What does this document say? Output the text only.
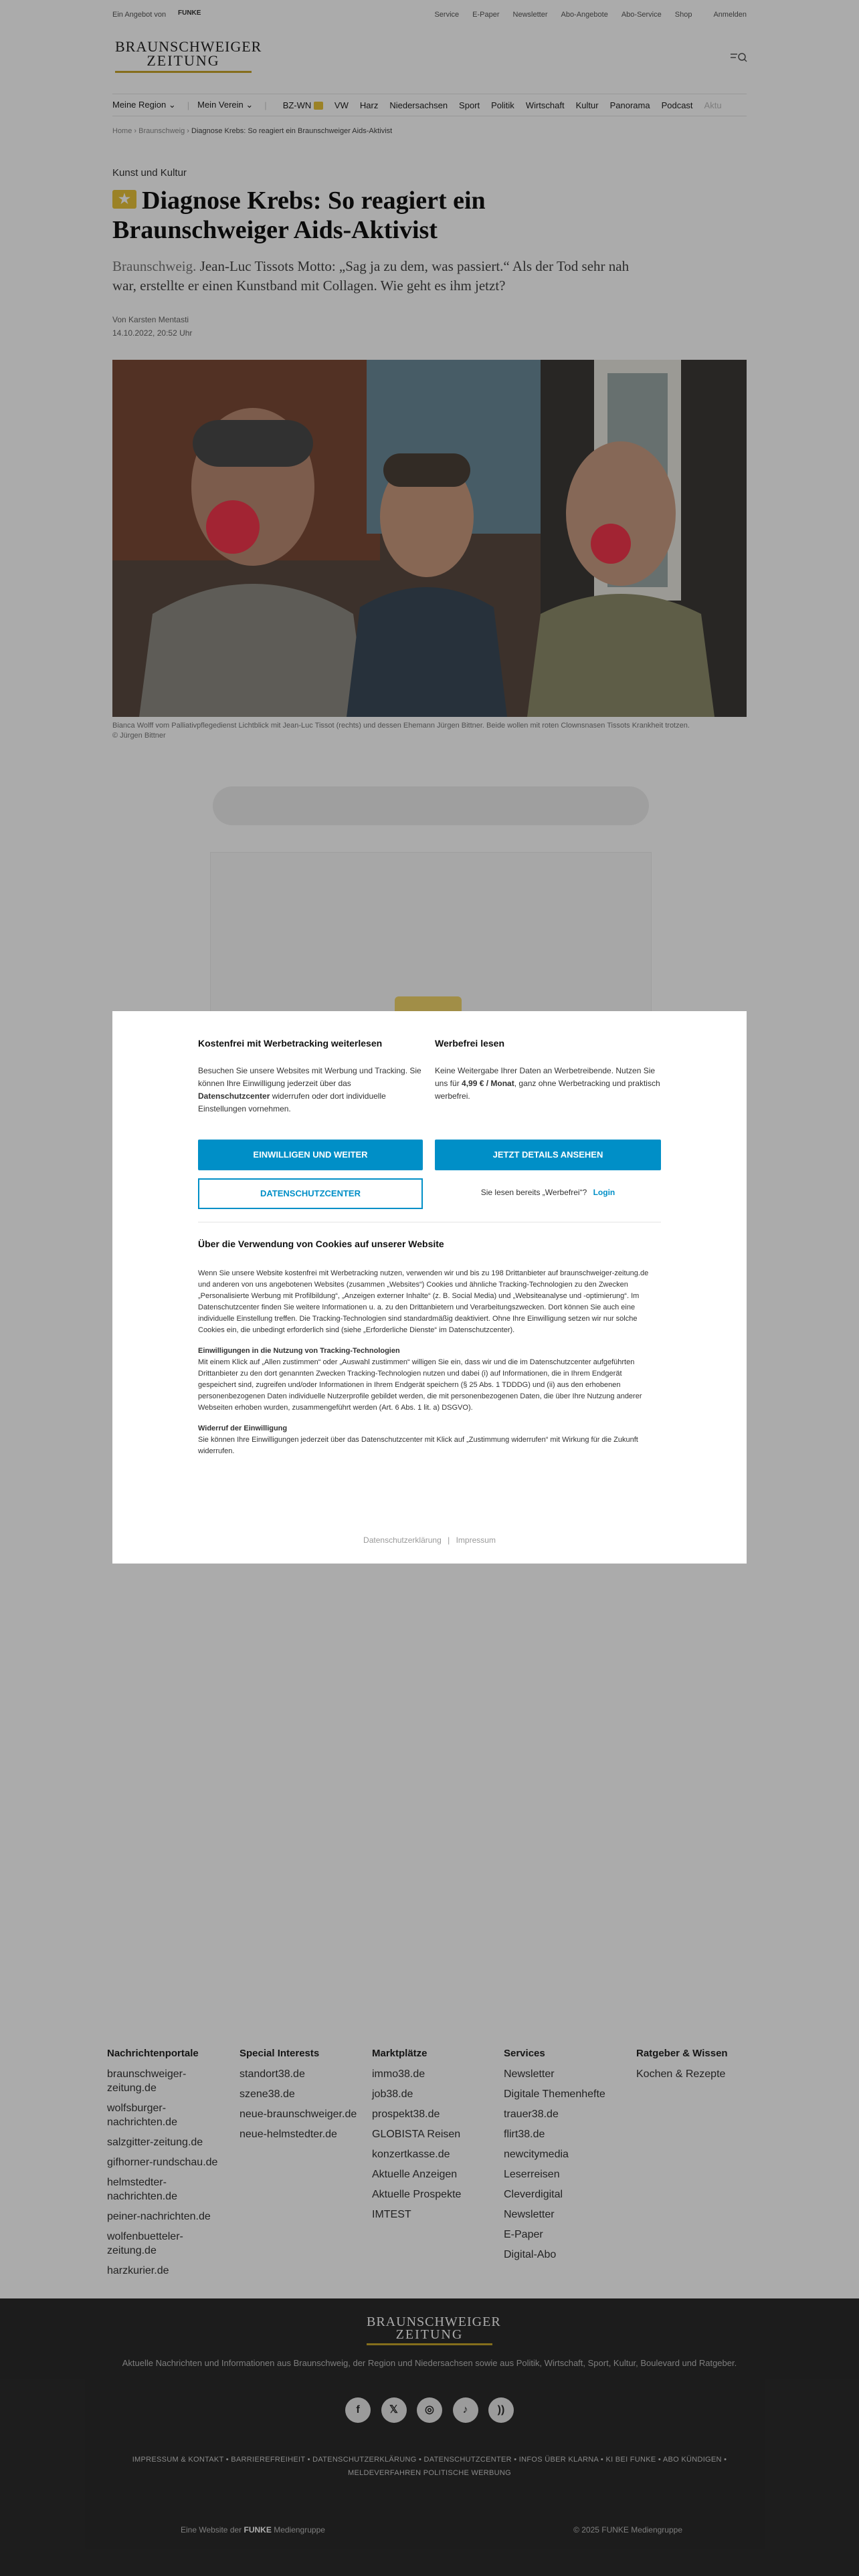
Ein Angebot von FUNKE	Service E-Paper Newsletter Abo-Angebote Abo-Service Shop	Anmelden
BRAUNSCHWEIGER
ZEITUNG
Meine Region ⌄ | Mein Verein ⌄ | BZ-WN	VW Harz Niedersachsen Sport Politik Wirtschaft Kultur Panorama Podcast Aktu
Home › Braunschweig › Diagnose Krebs: So reagiert ein Braunschweiger Aids-Aktivist
Kunst und Kultur
★ Diagnose Krebs: So reagiert ein Braunschweiger Aids-Aktivist
Braunschweig. Jean-Luc Tissots Motto: „Sag ja zu dem, was passiert.“ Als der Tod sehr nah war, erstellte er einen Kunstband mit Collagen. Wie geht es ihm jetzt?
Von Karsten Mentasti
14.10.2022, 20:52 Uhr
Bianca Wolff vom Palliativpflegedienst Lichtblick mit Jean-Luc Tissot (rechts) und dessen Ehemann Jürgen Bittner. Beide wollen mit roten Clownsnasen Tissots Krankheit trotzen.
© Jürgen Bittner
Nachrichtenportale
braunschweiger-zeitung.de
wolfsburger-nachrichten.de
salzgitter-zeitung.de
gifhorner-rundschau.de
helmstedter-nachrichten.de
peiner-nachrichten.de
wolfenbuetteler-zeitung.de
harzkurier.de
Special Interests
standort38.de
szene38.de
neue-braunschweiger.de
neue-helmstedter.de
Marktplätze
immo38.de
job38.de
prospekt38.de
GLOBISTA Reisen
konzertkasse.de
Aktuelle Anzeigen
Aktuelle Prospekte
IMTEST
Services
Newsletter
Digitale Themenhefte
trauer38.de
flirt38.de
newcitymedia
Leserreisen
Cleverdigital
Newsletter
E-Paper
Digital-Abo
Ratgeber & Wissen
Kochen & Rezepte
BRAUNSCHWEIGER
ZEITUNG
Aktuelle Nachrichten und Informationen aus Braunschweig, der Region und Niedersachsen sowie aus Politik, Wirtschaft, Sport, Kultur, Boulevard und Ratgeber.
f	𝕏	◎	♪	))
IMPRESSUM & KONTAKT • BARRIEREFREIHEIT • DATENSCHUTZERKLÄRUNG • DATENSCHUTZCENTER • INFOS ÜBER KLARNA • KI BEI FUNKE • ABO KÜNDIGEN •
MELDEVERFAHREN POLITISCHE WERBUNG
Eine Website der FUNKE Mediengruppe	© 2025 FUNKE Mediengruppe
Kostenfrei mit Werbetracking weiterlesen

Besuchen Sie unsere Websites mit Werbung und Tracking. Sie können Ihre Einwilligung jederzeit über das Datenschutzcenter widerrufen oder dort individuelle Einstellungen vornehmen.

Werbefrei lesen

Keine Weitergabe Ihrer Daten an Werbetreibende. Nutzen Sie uns für 4,99 € / Monat, ganz ohne Werbetracking und praktisch werbefrei.

EINWILLIGEN UND WEITER	JETZT DETAILS ANSEHEN
DATENSCHUTZCENTER	Sie lesen bereits „Werbefrei“? Login
Über die Verwendung von Cookies auf unserer Website

Wenn Sie unsere Website kostenfrei mit Werbetracking nutzen, verwenden wir und bis zu 198 Drittanbieter auf braunschweiger-zeitung.de und anderen von uns angebotenen Websites (zusammen „Websites“) Cookies und ähnliche Tracking-Technologien zu den Zwecken „Personalisierte Werbung mit Profilbildung“, „Anzeigen externer Inhalte“ (z. B. Social Media) und „Websiteanalyse und -optimierung“. Im Datenschutzcenter finden Sie weitere Informationen u. a. zu den Drittanbietern und Verarbeitungszwecken. Dort können Sie auch eine individuelle Einstellung treffen. Die Tracking-Technologien sind standardmäßig deaktiviert. Ohne Ihre Einwilligung setzen wir nur solche Cookies ein, die unbedingt erforderlich sind (siehe „Erforderliche Dienste“ im Datenschutzcenter).

Einwilligungen in die Nutzung von Tracking-Technologien

Mit einem Klick auf „Allen zustimmen“ oder „Auswahl zustimmen“ willigen Sie ein, dass wir und die im Datenschutzcenter aufgeführten Drittanbieter zu den dort genannten Zwecken Tracking-Technologien nutzen und dabei (i) auf Informationen, die in Ihrem Endgerät gespeichert sind, zugreifen und/oder Informationen in Ihrem Endgerät speichern (§ 25 Abs. 1 TDDDG) und (ii) aus den erhobenen personenbezogenen Daten individuelle Nutzerprofile gebildet werden, die mit personenbezogenen Daten, die über Ihre Nutzung anderer Webseiten erhoben wurden, zusammengeführt werden (Art. 6 Abs. 1 lit. a) DSGVO).

Widerruf der Einwilligung

Sie können Ihre Einwilligungen jederzeit über das Datenschutzcenter mit Klick auf „Zustimmung widerrufen“ mit Wirkung für die Zukunft widerrufen.

Datenschutzerklärung | Impressum
